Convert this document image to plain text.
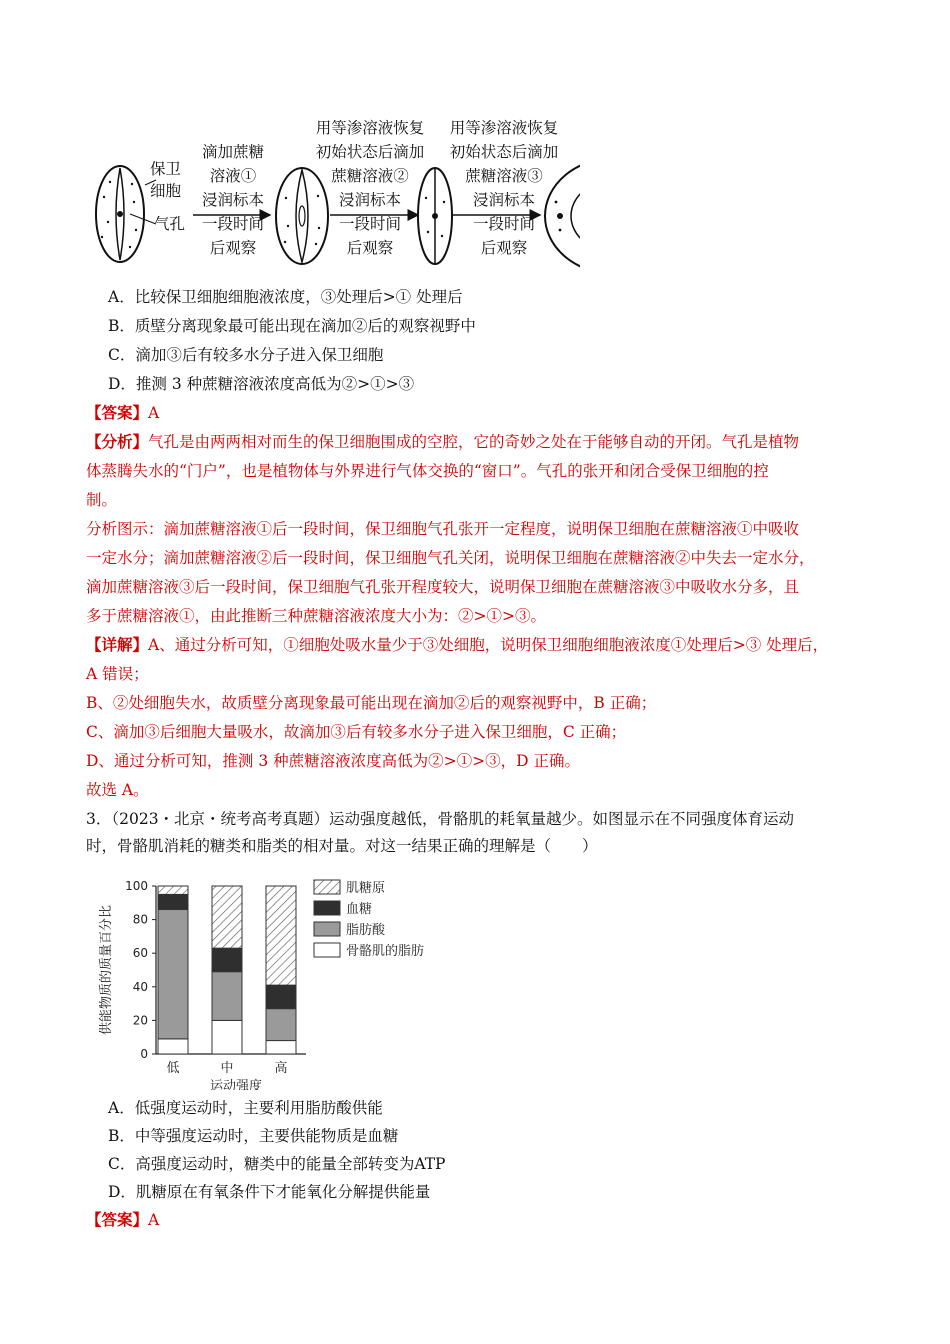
保卫
细胞
气孔
滴加蔗糖
溶液①
浸润标本
一段时间
后观察
用等渗溶液恢复
初始状态后滴加
蔗糖溶液②
浸润标本
一段时间
后观察
用等渗溶液恢复
初始状态后滴加
蔗糖溶液③
浸润标本
一段时间
后观察
A．比较保卫细胞细胞液浓度，③处理后>① 处理后
B．质壁分离现象最可能出现在滴加②后的观察视野中
C．滴加③后有较多水分子进入保卫细胞
D．推测 3 种蔗糖溶液浓度高低为②>①>③
【答案】A
【分析】气孔是由两两相对而生的保卫细胞围成的空腔，它的奇妙之处在于能够自动的开闭。气孔是植物
体蒸腾失水的“门户”，也是植物体与外界进行气体交换的“窗口”。气孔的张开和闭合受保卫细胞的控
制。
分析图示：滴加蔗糖溶液①后一段时间，保卫细胞气孔张开一定程度，说明保卫细胞在蔗糖溶液①中吸收
一定水分；滴加蔗糖溶液②后一段时间，保卫细胞气孔关闭，说明保卫细胞在蔗糖溶液②中失去一定水分，
滴加蔗糖溶液③后一段时间，保卫细胞气孔张开程度较大，说明保卫细胞在蔗糖溶液③中吸收水分多，且
多于蔗糖溶液①，由此推断三种蔗糖溶液浓度大小为：②>①>③。
【详解】A、通过分析可知，①细胞处吸水量少于③处细胞，说明保卫细胞细胞液浓度①处理后>③ 处理后，
A 错误；
B、②处细胞失水，故质壁分离现象最可能出现在滴加②后的观察视野中，B 正确；
C、滴加③后细胞大量吸水，故滴加③后有较多水分子进入保卫细胞，C 正确；
D、通过分析可知，推测 3 种蔗糖溶液浓度高低为②>①>③，D 正确。
故选 A。
3．（2023・北京・统考高考真题）运动强度越低，骨骼肌的耗氧量越少。如图显示在不同强度体育运动
时，骨骼肌消耗的糖类和脂类的相对量。对这一结果正确的理解是（　　）
0
20
40
60
80
100
供能物质的质量百分比
低	中	高
运动强度
肌糖原
血糖
脂肪酸
骨骼肌的脂肪
A．低强度运动时，主要利用脂肪酸供能
B．中等强度运动时，主要供能物质是血糖
C．高强度运动时，糖类中的能量全部转变为ATP
D．肌糖原在有氧条件下才能氧化分解提供能量
【答案】A
